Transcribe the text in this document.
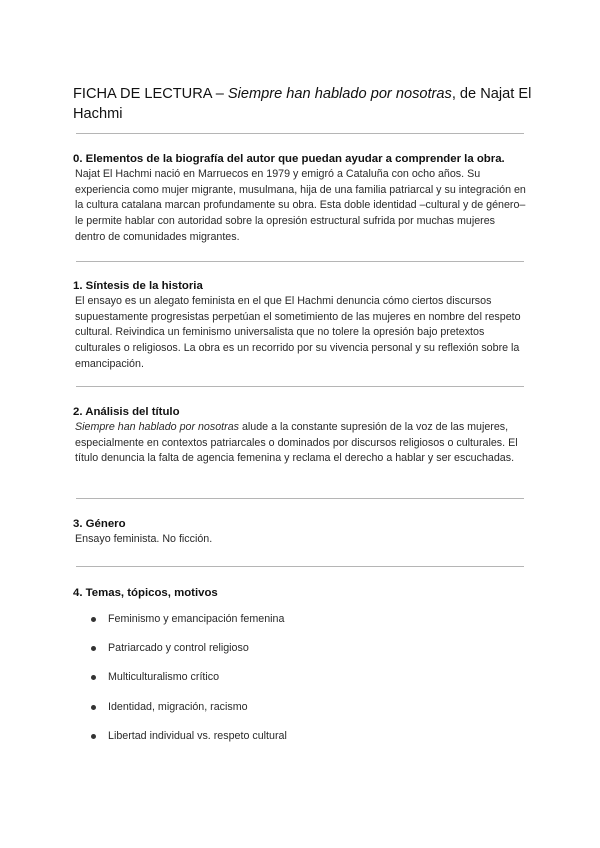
FICHA DE LECTURA – Siempre han hablado por nosotras, de Najat El Hachmi

0. Elementos de la biografía del autor que puedan ayudar a comprender la obra.

Najat El Hachmi nació en Marruecos en 1979 y emigró a Cataluña con ocho años. Su experiencia como mujer migrante, musulmana, hija de una familia patriarcal y su integración en la cultura catalana marcan profundamente su obra. Esta doble identidad –cultural y de género– le permite hablar con autoridad sobre la opresión estructural sufrida por muchas mujeres dentro de comunidades migrantes.

1. Síntesis de la historia

El ensayo es un alegato feminista en el que El Hachmi denuncia cómo ciertos discursos supuestamente progresistas perpetúan el sometimiento de las mujeres en nombre del respeto cultural. Reivindica un feminismo universalista que no tolere la opresión bajo pretextos culturales o religiosos. La obra es un recorrido por su vivencia personal y su reflexión sobre la emancipación.

2. Análisis del título

Siempre han hablado por nosotras alude a la constante supresión de la voz de las mujeres, especialmente en contextos patriarcales o dominados por discursos religiosos o culturales. El título denuncia la falta de agencia femenina y reclama el derecho a hablar y ser escuchadas.

3. Género

Ensayo feminista. No ficción.

4. Temas, tópicos, motivos

Feminismo y emancipación femenina
Patriarcado y control religioso
Multiculturalismo crítico
Identidad, migración, racismo
Libertad individual vs. respeto cultural
